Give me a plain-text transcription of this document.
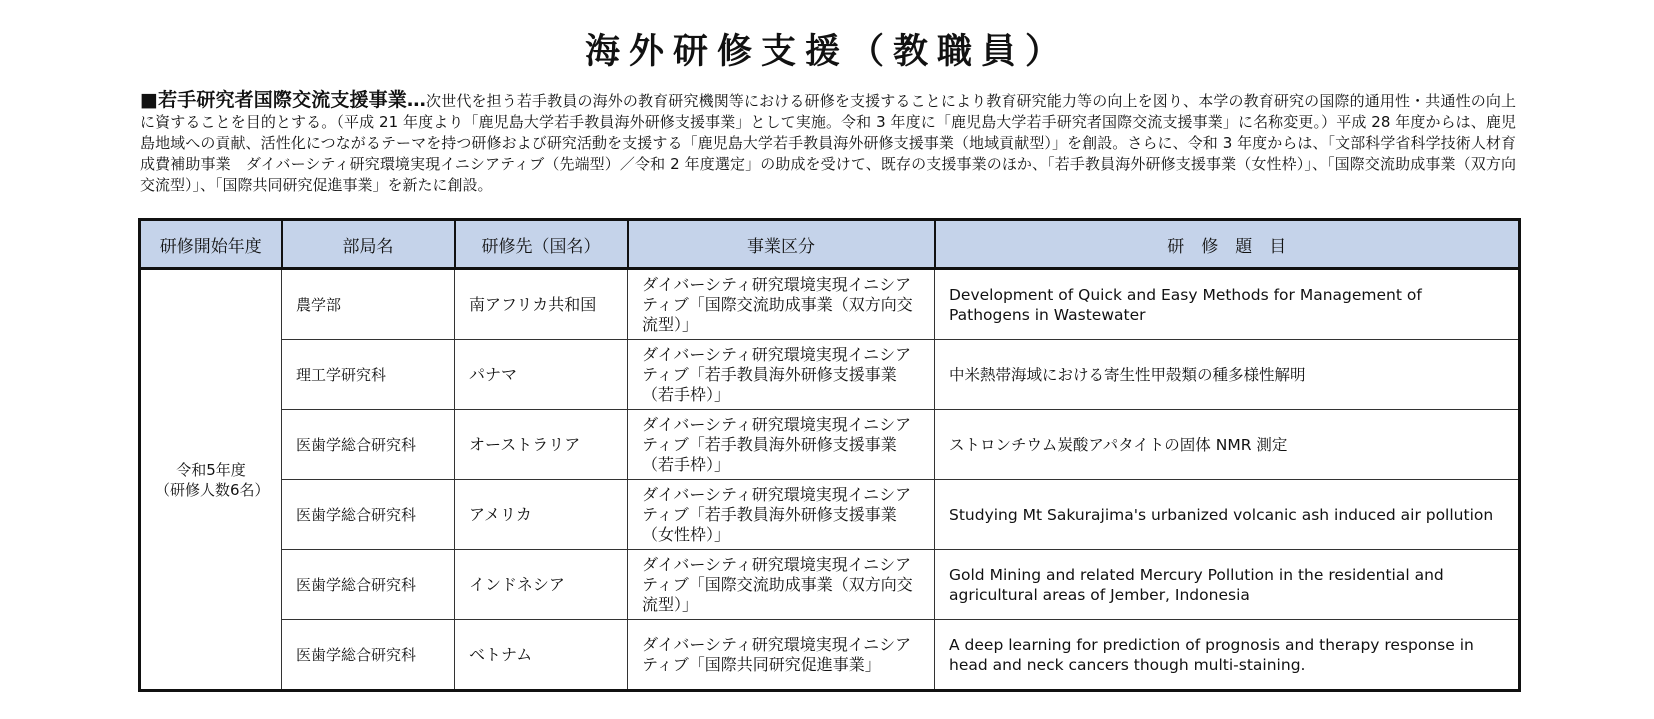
海外研修支援（教職員）
■若手研究者国際交流支援事業…次世代を担う若手教員の海外の教育研究機関等における研修を支援することにより教育研究能力等の向上を図り、本学の教育研究の国際的通用性・共通性の向上に資することを目的とする。（平成 21 年度より「鹿児島大学若手教員海外研修支援事業」として実施。令和 3 年度に「鹿児島大学若手研究者国際交流支援事業」に名称変更。）平成 28 年度からは、鹿児島地域への貢献、活性化につながるテーマを持つ研修および研究活動を支援する「鹿児島大学若手教員海外研修支援事業（地域貢献型）」を創設。さらに、令和 3 年度からは、「文部科学省科学技術人材育成費補助事業　ダイバーシティ研究環境実現イニシアティブ（先端型）／令和 2 年度選定」の助成を受けて、既存の支援事業のほか、「若手教員海外研修支援事業（女性枠）」、「国際交流助成事業（双方向交流型）」、「国際共同研究促進事業」を新たに創設。
研修開始年度	部局名	研修先（国名）	事業区分	研　修　題　目

令和5年度
（研修人数6名）	農学部	南アフリカ共和国	ダイバーシティ研究環境実現イニシアティブ「国際交流助成事業（双方向交流型）」	Development of Quick and Easy Methods for Management of Pathogens in Wastewater
	理工学研究科	パナマ	ダイバーシティ研究環境実現イニシアティブ「若手教員海外研修支援事業（若手枠）」	中米熱帯海域における寄生性甲殻類の種多様性解明
	医歯学総合研究科	オーストラリア	ダイバーシティ研究環境実現イニシアティブ「若手教員海外研修支援事業（若手枠）」	ストロンチウム炭酸アパタイトの固体 NMR 測定
	医歯学総合研究科	アメリカ	ダイバーシティ研究環境実現イニシアティブ「若手教員海外研修支援事業（女性枠）」	Studying Mt Sakurajima's urbanized volcanic ash induced air pollution
	医歯学総合研究科	インドネシア	ダイバーシティ研究環境実現イニシアティブ「国際交流助成事業（双方向交流型）」	Gold Mining and related Mercury Pollution in the residential and agricultural areas of Jember, Indonesia
	医歯学総合研究科	ベトナム	ダイバーシティ研究環境実現イニシアティブ「国際共同研究促進事業」	A deep learning for prediction of prognosis and therapy response in head and neck cancers though multi-staining.
